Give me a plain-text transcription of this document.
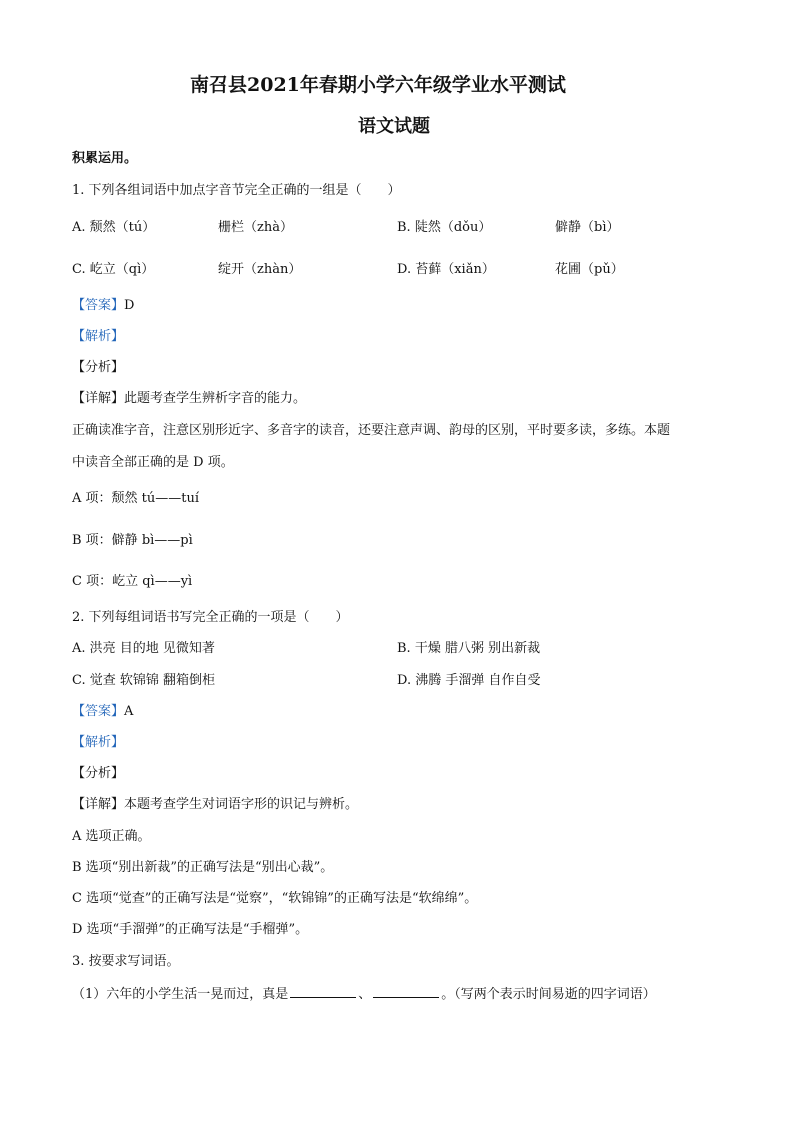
南召县2021年春期小学六年级学业水平测试
语文试题
积累运用。
1. 下列各组词语中加点字音节完全正确的一组是（　　）
A. 颓然（tú）	栅栏（zhà）	B. 陡然（dǒu）	僻静（bì）
C. 屹立（qì）	绽开（zhàn）	D. 苔藓（xiǎn）	花圃（pǔ）
【答案】D
【解析】
【分析】
【详解】此题考查学生辨析字音的能力。
正确读准字音，注意区别形近字、多音字的读音，还要注意声调、韵母的区别，平时要多读，多练。本题
中读音全部正确的是 D 项。
A 项：颓然 tú——tuí
B 项：僻静 bì——pì
C 项：屹立 qì——yì
2. 下列每组词语书写完全正确的一项是（　　）
A. 洪亮 目的地 见微知著	B. 干燥 腊八粥 别出新裁
C. 觉查 软锦锦 翻箱倒柜	D. 沸腾 手溜弹 自作自受
【答案】A
【解析】
【分析】
【详解】本题考查学生对词语字形的识记与辨析。
A 选项正确。
B 选项“别出新裁”的正确写法是“别出心裁”。
C 选项“觉查”的正确写法是“觉察”，“软锦锦”的正确写法是“软绵绵”。
D 选项“手溜弹”的正确写法是“手榴弹”。
3. 按要求写词语。
（1）六年的小学生活一晃而过，真是	、	。（写两个表示时间易逝的四字词语）
